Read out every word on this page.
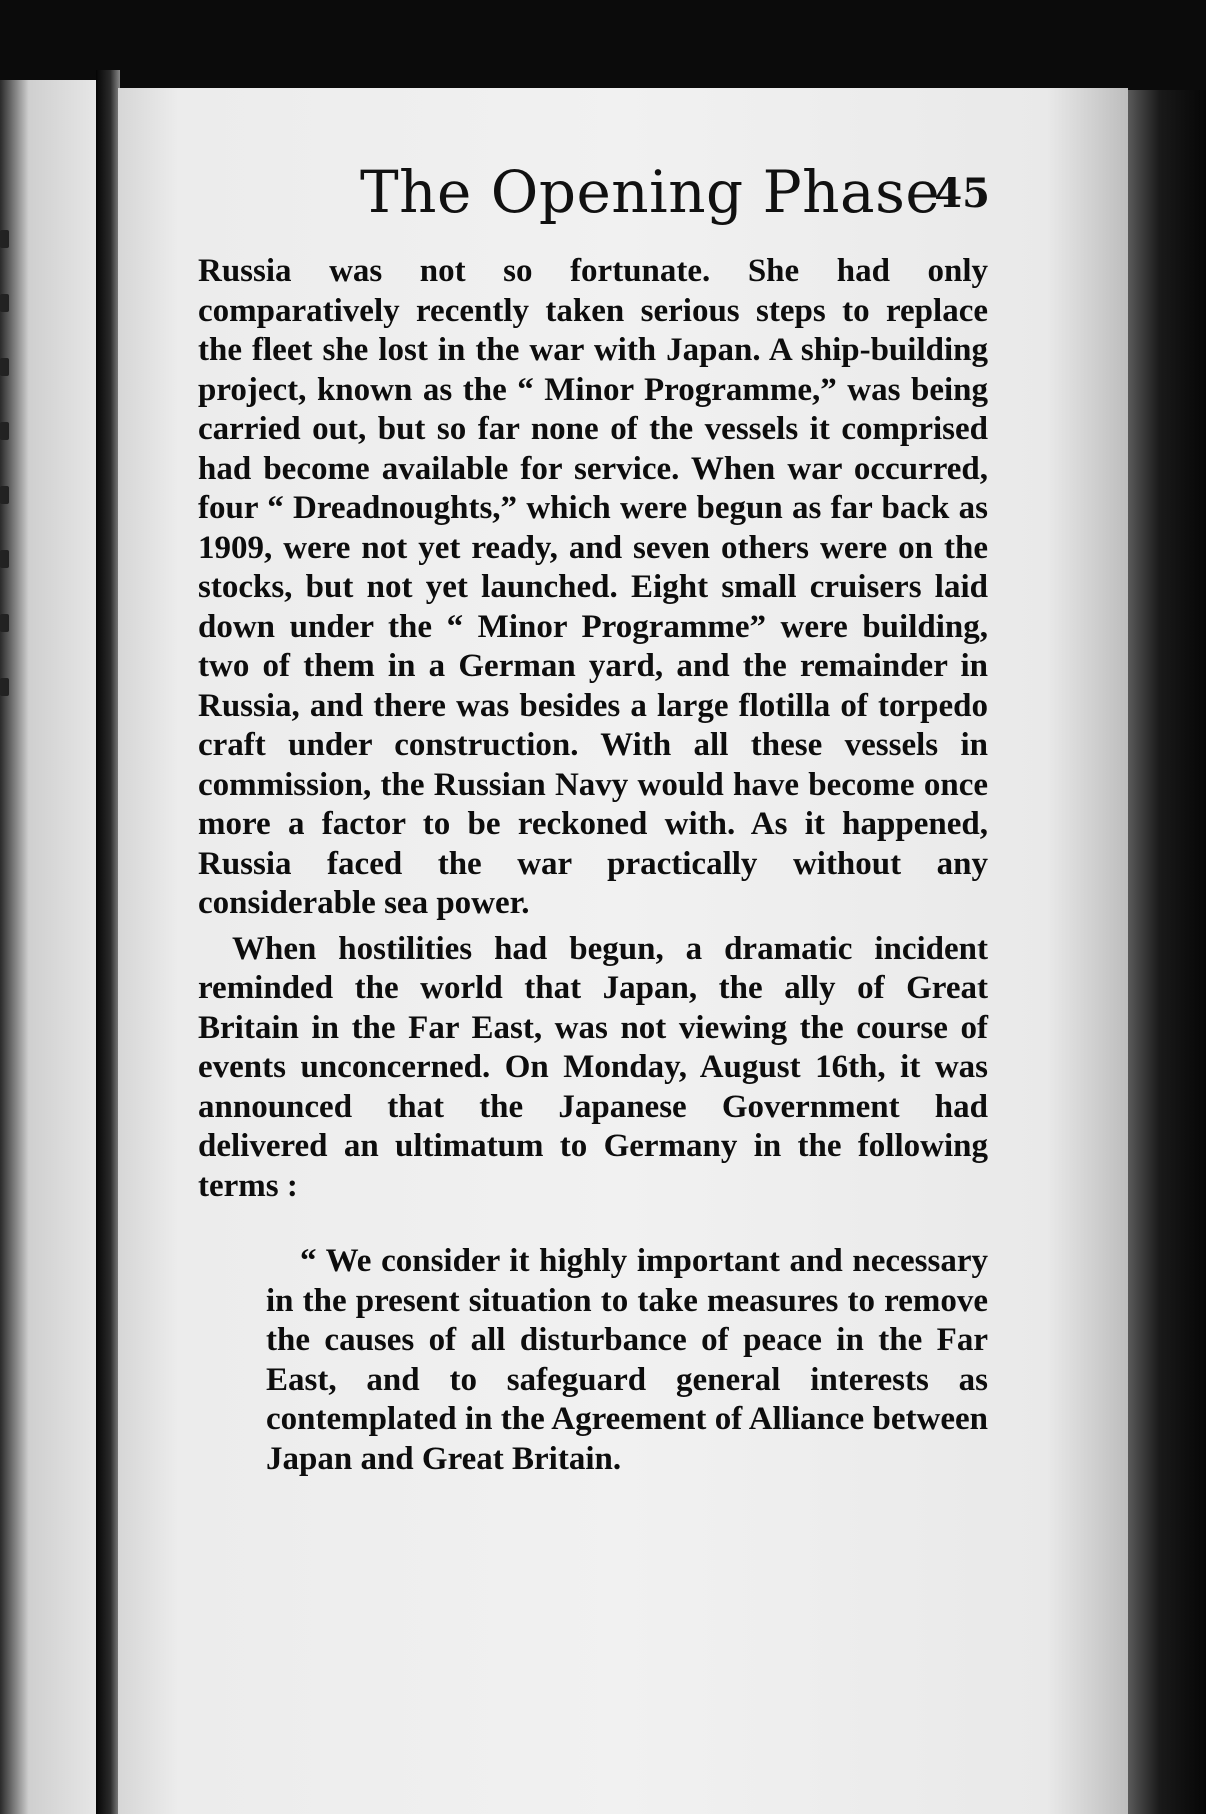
The Opening Phase
45

Russia was not so fortunate. She had only comparatively recently taken serious steps to replace the fleet she lost in the war with Japan. A ship-building project, known as the “ Minor Programme,” was being carried out, but so far none of the vessels it comprised had become available for service. When war occurred, four “ Dreadnoughts,” which were begun as far back as 1909, were not yet ready, and seven others were on the stocks, but not yet launched. Eight small cruisers laid down under the “ Minor Programme” were building, two of them in a German yard, and the remainder in Russia, and there was besides a large flotilla of torpedo craft under construction. With all these vessels in commission, the Russian Navy would have become once more a factor to be reckoned with. As it happened, Russia faced the war practically without any considerable sea power.

When hostilities had begun, a dramatic incident reminded the world that Japan, the ally of Great Britain in the Far East, was not viewing the course of events unconcerned. On Monday, August 16th, it was announced that the Japanese Government had delivered an ultimatum to Germany in the following terms :

“ We consider it highly important and necessary in the present situation to take measures to remove the causes of all disturbance of peace in the Far East, and to safeguard general interests as contemplated in the Agreement of Alliance between Japan and Great Britain.
